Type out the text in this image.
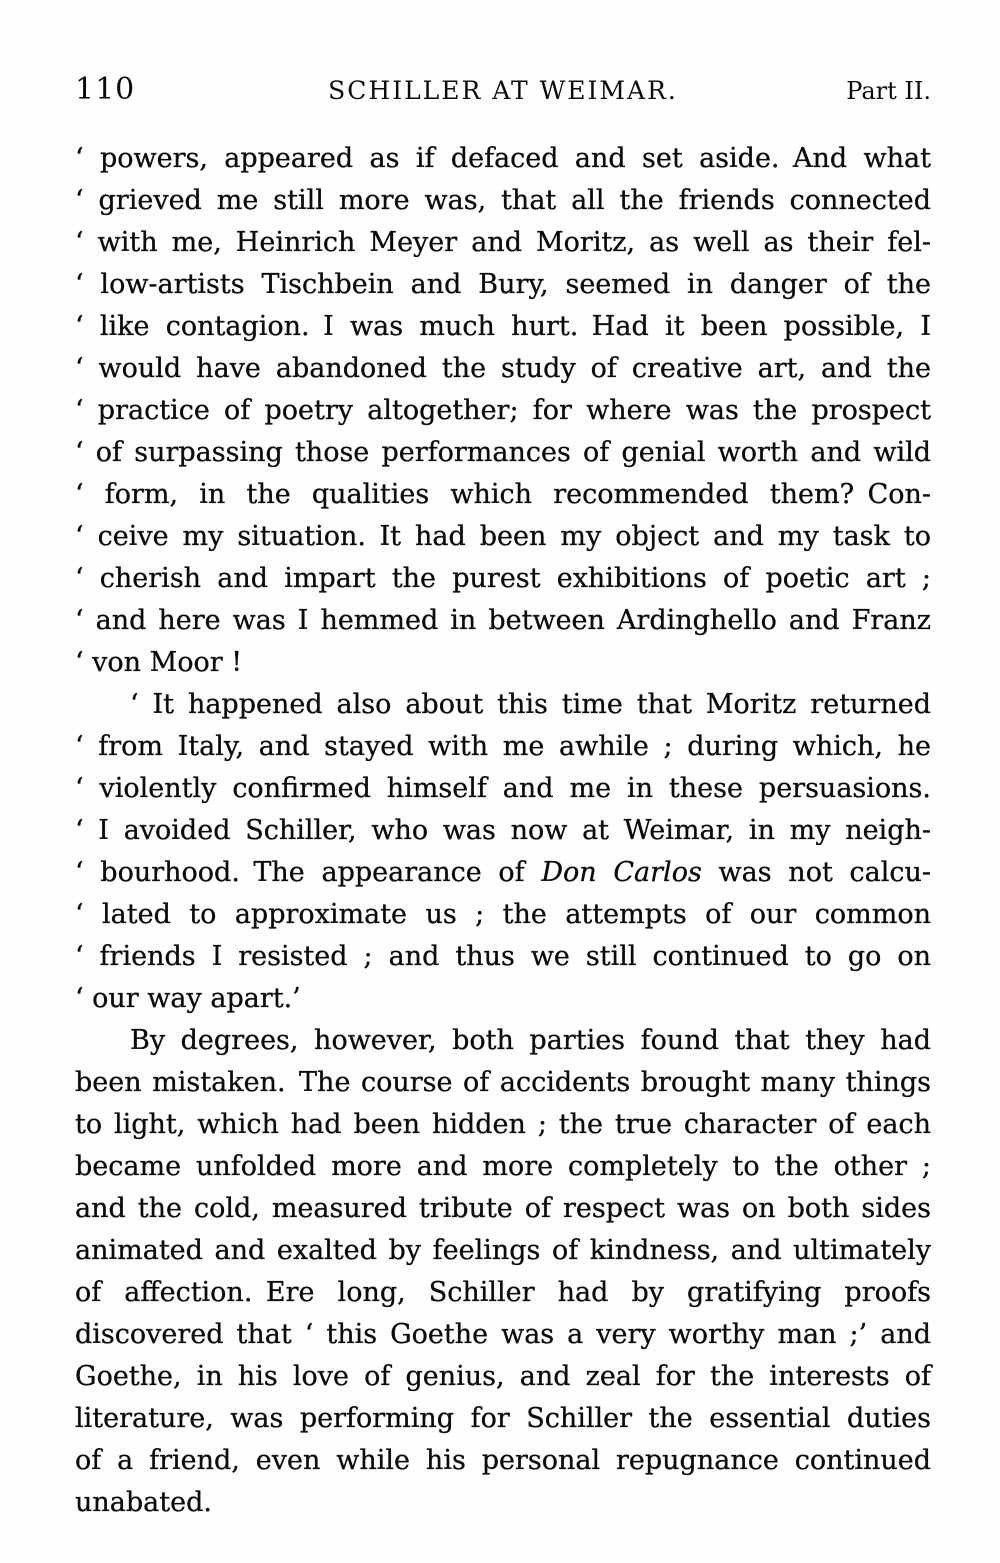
110	SCHILLER AT WEIMAR.	Part II.
‘ powers, appeared as if defaced and set aside. And what
‘ grieved me still more was, that all the friends connected
‘ with me, Heinrich Meyer and Moritz, as well as their fel-
‘ low-artists Tischbein and Bury, seemed in danger of the
‘ like contagion. I was much hurt. Had it been possible, I
‘ would have abandoned the study of creative art, and the
‘ practice of poetry altogether; for where was the prospect
‘ of surpassing those performances of genial worth and wild
‘ form, in the qualities which recommended them? Con-
‘ ceive my situation. It had been my object and my task to
‘ cherish and impart the purest exhibitions of poetic art ;
‘ and here was I hemmed in between Ardinghello and Franz
‘ von Moor !
‘ It happened also about this time that Moritz returned
‘ from Italy, and stayed with me awhile ; during which, he
‘ violently confirmed himself and me in these persuasions.
‘ I avoided Schiller, who was now at Weimar, in my neigh-
‘ bourhood. The appearance of Don Carlos was not calcu-
‘ lated to approximate us ; the attempts of our common
‘ friends I resisted ; and thus we still continued to go on
‘ our way apart.’
By degrees, however, both parties found that they had
been mistaken. The course of accidents brought many things
to light, which had been hidden ; the true character of each
became unfolded more and more completely to the other ;
and the cold, measured tribute of respect was on both sides
animated and exalted by feelings of kindness, and ultimately
of affection. Ere long, Schiller had by gratifying proofs
discovered that ‘ this Goethe was a very worthy man ;’ and
Goethe, in his love of genius, and zeal for the interests of
literature, was performing for Schiller the essential duties
of a friend, even while his personal repugnance continued
unabated.
